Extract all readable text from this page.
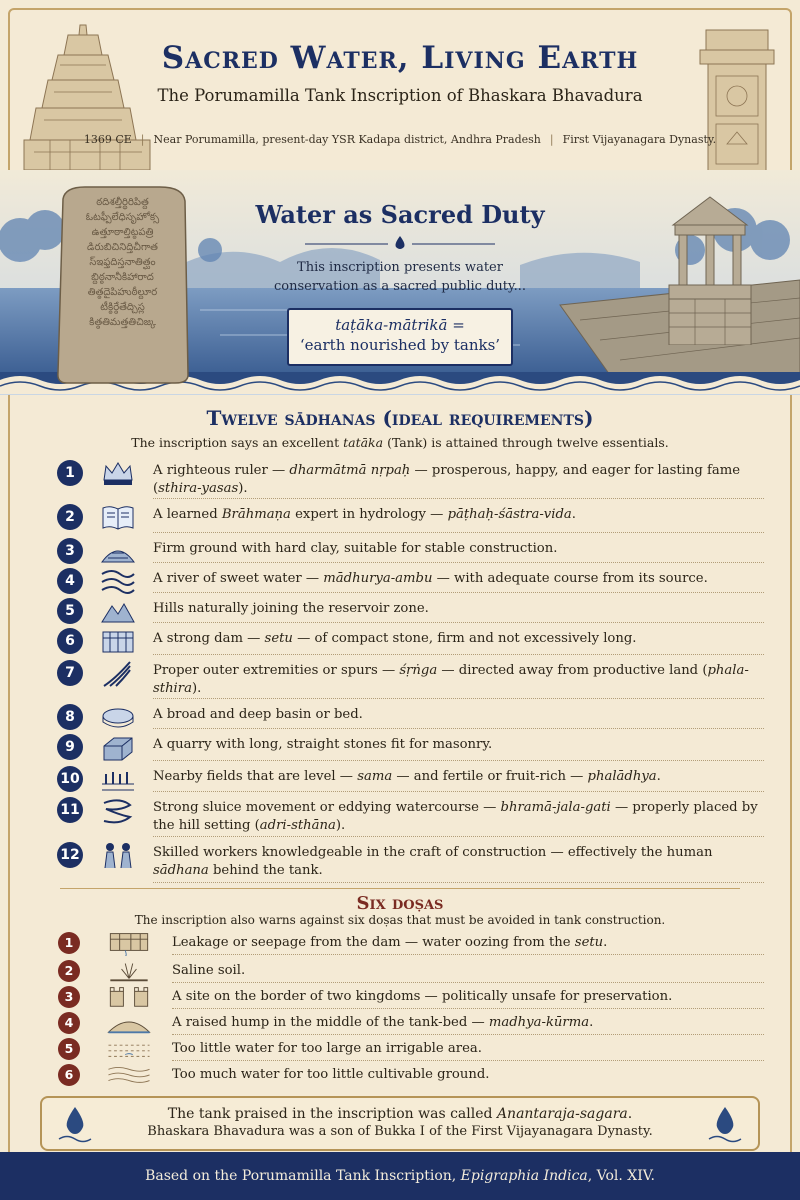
Sacred Water, Living Earth
The Porumamilla Tank Inscription of Bhaskara Bhavadura
1369 CE | Near Porumamilla, present-day YSR Kadapa district, Andhra Pradesh | First Vijayanagara Dynasty.
ఠదిశల్తీర్థిరిపిత్ద
ఓటఫ్పీలేధిసృహోక్స
ఉత్తూఠాల్తిట్ఠపత్రి
డిరుబిచినిద్తిచీగాత
స్ఇఫ్తదిస్తనాతిత్ఘం
బ్దిఠ్ఠనానీకిహారాద
తిత్ఠదైపిహుఠీల్దూర
టీక్ఠిర్ఠేతేద్చిస్ల
కిత్ఠతిమత్తతిచిజ్క
Water as Sacred Duty
This inscription presents water conservation as a sacred public duty...
taṭāka-mātrikā =
‘earth nourished by tanks’
Twelve sādhanas (ideal requirements)
The inscription says an excellent tatāka (Tank) is attained through twelve essentials.
1	A righteous ruler — dharmātmā nṛpaḥ — prosperous, happy, and eager for lasting fame (sthira-yasas).
2	A learned Brāhmaṇa expert in hydrology — pāṭhaḥ-śāstra-vida.
3	Firm ground with hard clay, suitable for stable construction.
4	A river of sweet water — mādhurya-ambu — with adequate course from its source.
5	Hills naturally joining the reservoir zone.
6	A strong dam — setu — of compact stone, firm and not excessively long.
7	Proper outer extremities or spurs — śṛṅga — directed away from productive land (phala-sthira).
8	A broad and deep basin or bed.
9	A quarry with long, straight stones fit for masonry.
10	Nearby fields that are level — sama — and fertile or fruit-rich — phalādhya.
11	Strong sluice movement or eddying watercourse — bhramā-jala-gati — properly placed by the hill setting (adri-sthāna).
12	Skilled workers knowledgeable in the craft of construction — effectively the human sādhana behind the tank.
Six doṣas
The inscription also warns against six doṣas that must be avoided in tank construction.
1	Leakage or seepage from the dam — water oozing from the setu.
2	Saline soil.
3	A site on the border of two kingdoms — politically unsafe for preservation.
4	A raised hump in the middle of the tank-bed — madhya-kūrma.
5	Too little water for too large an irrigable area.
6	Too much water for too little cultivable ground.
The tank praised in the inscription was called Anantaraja-sagara.
Bhaskara Bhavadura was a son of Bukka I of the First Vijayanagara Dynasty.
Based on the Porumamilla Tank Inscription, Epigraphia Indica, Vol. XIV.
